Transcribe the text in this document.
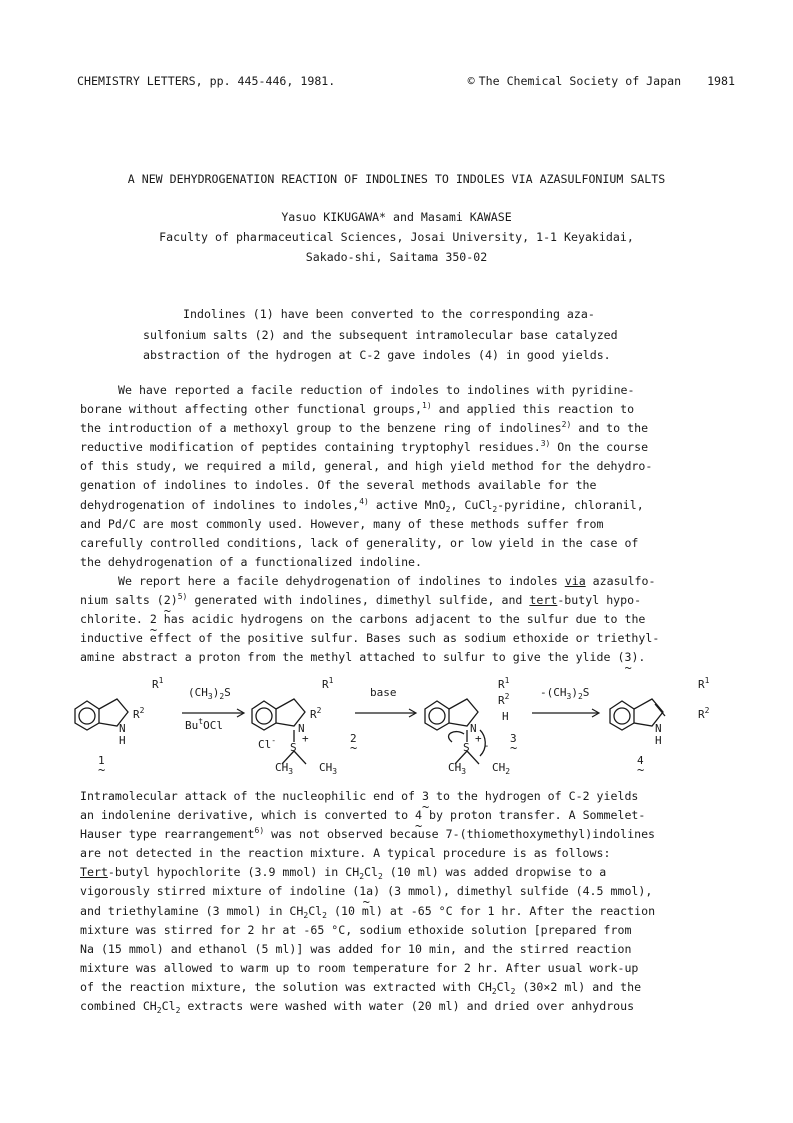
CHEMISTRY LETTERS, pp. 445-446, 1981.	© The Chemical Society of Japan 1981
A NEW DEHYDROGENATION REACTION OF INDOLINES TO INDOLES VIA AZASULFONIUM SALTS
Yasuo KIKUGAWA* and Masami KAWASE
Faculty of pharmaceutical Sciences, Josai University, 1-1 Keyakidai,
Sakado-shi, Saitama 350-02
Indolines (1) have been converted to the corresponding aza-
sulfonium salts (2) and the subsequent intramolecular base catalyzed
abstraction of the hydrogen at C-2 gave indoles (4) in good yields.
We have reported a facile reduction of indoles to indolines with pyridine-
borane without affecting other functional groups,$^{1)}$ and applied this reaction to
the introduction of a methoxyl group to the benzene ring of indolines$^{2)}$ and to the
reductive modification of peptides containing tryptophyl residues.$^{3)}$ On the course
of this study, we required a mild, general, and high yield method for the dehydro-
genation of indolines to indoles. Of the several methods available for the
dehydrogenation of indolines to indoles,$^{4)}$ active MnO$_2$, CuCl$_2$-pyridine, chloranil,
and Pd/C are most commonly used. However, many of these methods suffer from
carefully controlled conditions, lack of generality, or low yield in the case of
the dehydrogenation of a functionalized indoline.
We report here a facile dehydrogenation of indolines to indoles via azasulfo-
nium salts (2 ~)$^{5)}$ generated with indolines, dimethyl sulfide, and tert-butyl hypo-
chlorite. 2 ~ has acidic hydrogens on the carbons adjacent to the sulfur due to the
inductive effect of the positive sulfur. Bases such as sodium ethoxide or triethyl-
amine abstract a proton from the methyl attached to sulfur to give the ylide (3 ~).
$R^1$
$R^2$
N
H
1 ~
$(CH_3)_2S$
Bu$^t$OCl
$R^1$
$R^2$
N
+
S
Cl-	2 ~
$CH_3$ $CH_3$
base
$R^1$
$R^2$
H
N
+
S -
3 ~
$CH_3$ $CH_2$
$-(CH_3)_2S$
$R^1$
$R^2$
N
H
4 ~
Intramolecular attack of the nucleophilic end of 3 ~ to the hydrogen of C-2 yields
an indolenine derivative, which is converted to 4 ~ by proton transfer. A Sommelet-
Hauser type rearrangement$^{6)}$ was not observed because 7-(thiomethoxymethyl)indolines
are not detected in the reaction mixture. A typical procedure is as follows:
Tert-butyl hypochlorite (3.9 mmol) in $CH_2Cl_2$ (10 ml) was added dropwise to a
vigorously stirred mixture of indoline (1a ~) (3 mmol), dimethyl sulfide (4.5 mmol),
and triethylamine (3 mmol) in $CH_2Cl_2$ (10 ml) at -65 °C for 1 hr. After the reaction
mixture was stirred for 2 hr at -65 °C, sodium ethoxide solution [prepared from
Na (15 mmol) and ethanol (5 ml)] was added for 10 min, and the stirred reaction
mixture was allowed to warm up to room temperature for 2 hr. After usual work-up
of the reaction mixture, the solution was extracted with $CH_2Cl_2$ (30×2 ml) and the
combined $CH_2Cl_2$ extracts were washed with water (20 ml) and dried over anhydrous
